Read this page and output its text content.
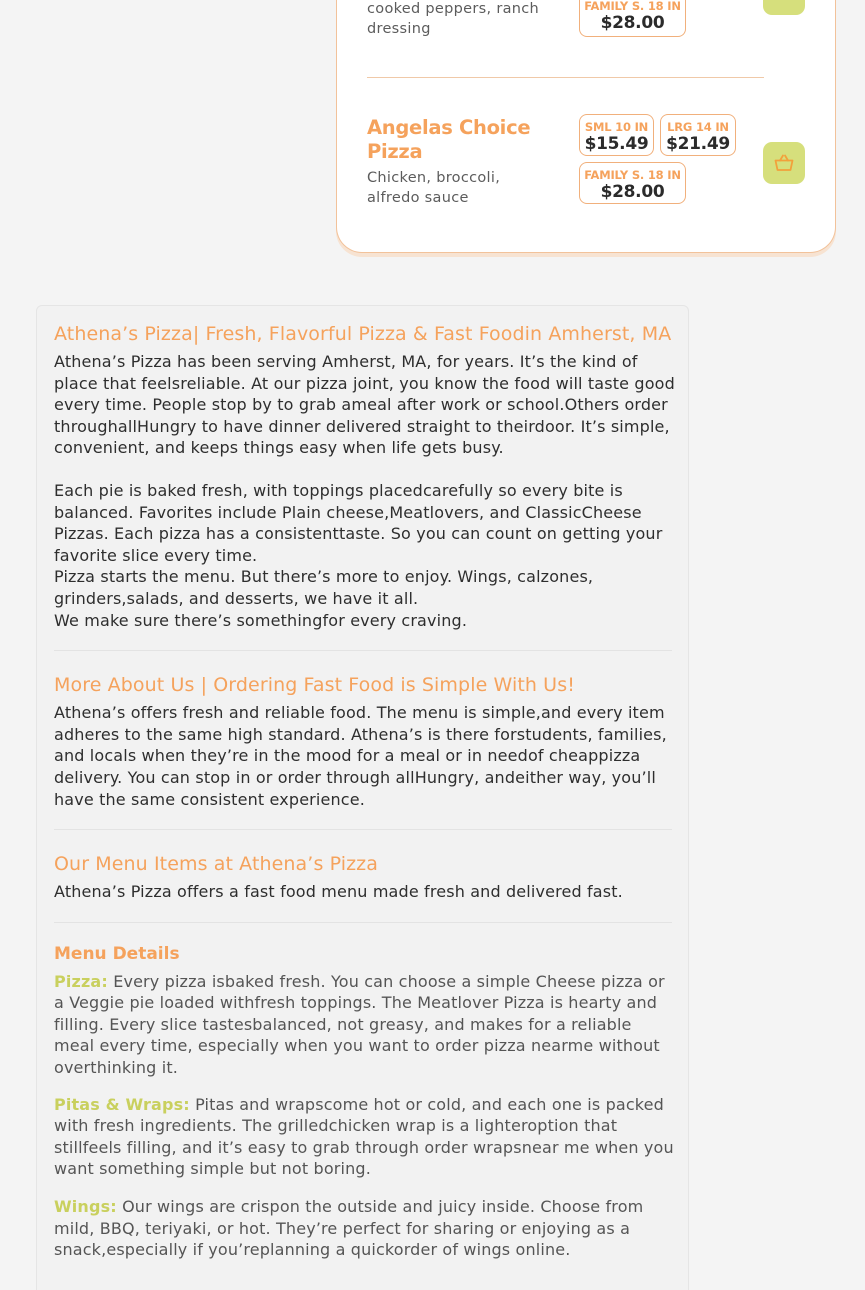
cooked peppers, ranch dressing
FAMILY S. 18 IN
$28.00
Angelas Choice Pizza
Chicken, broccoli, alfredo sauce
SML 10 IN
$15.49
LRG 14 IN
$21.49
FAMILY S. 18 IN
$28.00
Athena’s Pizza| Fresh, Flavorful Pizza & Fast Foodin Amherst, MA

Athena’s Pizza has been serving Amherst, MA, for years. It’s the kind of place that feelsreliable. At our pizza joint, you know the food will taste good every time. People stop by to grab ameal after work or school.Others order throughallHungry to have dinner delivered straight to theirdoor. It’s simple, convenient, and keeps things easy when life gets busy.

Each pie is baked fresh, with toppings placedcarefully so every bite is balanced. Favorites include Plain cheese,Meatlovers, and ClassicCheese Pizzas. Each pizza has a consistenttaste. So you can count on getting your favorite slice every time.

Pizza starts the menu. But there’s more to enjoy. Wings, calzones, grinders,salads, and desserts, we have it all.

We make sure there’s somethingfor every craving.

More About Us | Ordering Fast Food is Simple With Us!

Athena’s offers fresh and reliable food. The menu is simple,and every item adheres to the same high standard. Athena’s is there forstudents, families, and locals when they’re in the mood for a meal or in needof cheappizza delivery. You can stop in or order through allHungry, andeither way, you’ll have the same consistent experience.

Our Menu Items at Athena’s Pizza

Athena’s Pizza offers a fast food menu made fresh and delivered fast.

Menu Details

Pizza: Every pizza isbaked fresh. You can choose a simple Cheese pizza or a Veggie pie loaded withfresh toppings. The Meatlover Pizza is hearty and filling. Every slice tastesbalanced, not greasy, and makes for a reliable meal every time, especially when you want to order pizza nearme without overthinking it.

Pitas & Wraps: Pitas and wrapscome hot or cold, and each one is packed with fresh ingredients. The grilledchicken wrap is a lighteroption that stillfeels filling, and it’s easy to grab through order wrapsnear me when you want something simple but not boring.

Wings: Our wings are crispon the outside and juicy inside. Choose from mild, BBQ, teriyaki, or hot. They’re perfect for sharing or enjoying as a snack,especially if you’replanning a quickorder of wings online.
